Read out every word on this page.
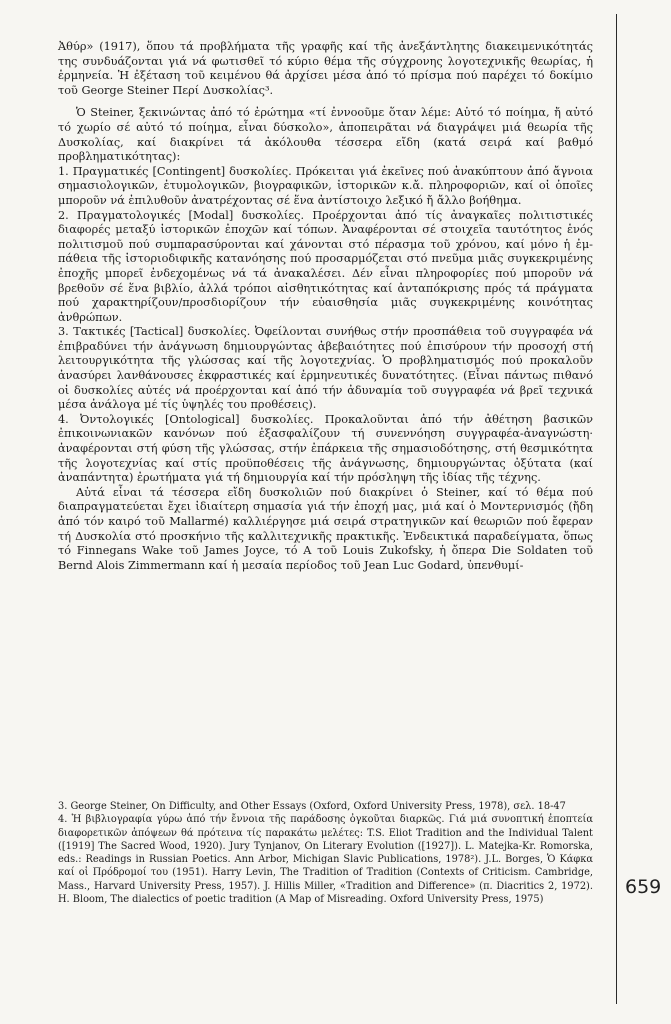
Ἀθύρ» (1917), ὅπου τά προβλήματα τῆς γραφῆς καί τῆς ἀνεξάντλητης διακειμενικότητάς της συνδυάζονται γιά νά φωτισθεῖ τό κύριο θέμα τῆς σύγχρονης λογοτεχνικῆς θεωρίας, ἡ ἑρμηνεία. Ἡ ἐξέταση τοῦ κειμένου θά ἀρχίσει μέσα ἀπό τό πρίσμα πού παρέχει τό δοκίμιο τοῦ George Steiner Περί Δυσκολίας³.

Ὁ Steiner, ξεκινώντας ἀπό τό ἐρώτημα «τί ἐννοοῦμε ὅταν λέμε: Αὐτό τό ποίημα, ἤ αὐτό τό χωρίο σέ αὐτό τό ποίημα, εἶναι δύσκολο», ἀποπειρᾶται νά διαγράψει μιά θεωρία τῆς Δυσκολίας, καί διακρίνει τά ἀκόλουθα τέσσερα εἴδη (κατά σειρά καί βαθμό προβληματικότητας):

1. Πραγματικές [Contingent] δυσκολίες. Πρόκειται γιά ἐκεῖνες πού ἀνακύπτουν ἀπό ἄγνοια σημασιολογικῶν, ἐτυμολογικῶν, βιογραφικῶν, ἱστορικῶν κ.ἄ. πληροφοριῶν, καί οἱ ὁποῖες μποροῦν νά ἐπιλυθοῦν ἀνατρέχοντας σέ ἕνα ἀντίστοιχο λεξικό ἤ ἄλλο βοήθημα.

2. Πραγματολογικές [Modal] δυσκολίες. Προέρχονται ἀπό τίς ἀναγκαῖες πολιτιστικές διαφορές μεταξύ ἱστορικῶν ἐποχῶν καί τόπων. Ἀναφέρονται σέ στοιχεῖα ταυτότητος ἑνός πολιτισμοῦ πού συμπαρασύρονται καί χάνονται στό πέρασμα τοῦ χρόνου, καί μόνο ἡ ἐμ-πάθεια τῆς ἱστοριοδιφικῆς κατανόησης πού προσαρμόζεται στό πνεῦμα μιᾶς συγκεκριμένης ἐποχῆς μπορεῖ ἐνδεχομένως νά τά ἀνακαλέσει. Δέν εἶναι πληροφορίες πού μποροῦν νά βρεθοῦν σέ ἕνα βιβλίο, ἀλλά τρόποι αἰσθητικότητας καί ἀνταπόκρισης πρός τά πράγματα πού χαρακτηρίζουν/προσδιορίζουν τήν εὐαισθησία μιᾶς συγκεκριμένης κοινότητας ἀνθρώπων.

3. Τακτικές [Tactical] δυσκολίες. Ὀφείλονται συνήθως στήν προσπάθεια τοῦ συγγραφέα νά ἐπιβραδύνει τήν ἀνάγνωση δημιουργώντας ἀβεβαιότητες πού ἐπισύρουν τήν προσοχή στή λειτουργικότητα τῆς γλώσσας καί τῆς λογοτεχνίας. Ὁ προβληματισμός πού προκαλοῦν ἀνασύρει λανθάνουσες ἐκφραστικές καί ἑρμηνευτικές δυνατότητες. (Εἶναι πάντως πιθανό οἱ δυσκολίες αὐτές νά προέρχονται καί ἀπό τήν ἀδυναμία τοῦ συγγραφέα νά βρεῖ τεχνικά μέσα ἀνάλογα μέ τίς ὑψηλές του προθέσεις).

4. Ὀντολογικές [Ontological] δυσκολίες. Προκαλοῦνται ἀπό τήν ἀθέτηση βασικῶν ἐπικοινωνιακῶν κανόνων πού ἐξασφαλίζουν τή συνεννόηση συγγραφέα-ἀναγνώστη· ἀναφέρονται στή φύση τῆς γλώσσας, στήν ἐπάρκεια τῆς σημασιοδότησης, στή θεσμικότητα τῆς λογοτεχνίας καί στίς προϋποθέσεις τῆς ἀνάγνωσης, δημιουργώντας ὀξύτατα (καί ἀναπάντητα) ἐρωτήματα γιά τή δημιουργία καί τήν πρόσληψη τῆς ἰδίας τῆς τέχνης.

Αὐτά εἶναι τά τέσσερα εἴδη δυσκολιῶν πού διακρίνει ὁ Steiner, καί τό θέμα πού διαπραγματεύεται ἔχει ἰδιαίτερη σημασία γιά τήν ἐποχή μας, μιά καί ὁ Μοντερνισμός (ἤδη ἀπό τόν καιρό τοῦ Mallarmé) καλλιέργησε μιά σειρά στρατηγικῶν καί θεωριῶν πού ἔφεραν τή Δυσκολία στό προσκήνιο τῆς καλλιτεχνικῆς πρακτικῆς. Ἐνδεικτικά παραδείγματα, ὅπως τό Finnegans Wake τοῦ James Joyce, τό A τοῦ Louis Zukofsky, ἡ ὄπερα Die Soldaten τοῦ Bernd Alois Zimmermann καί ἡ μεσαία περίοδος τοῦ Jean Luc Godard, ὑπενθυμί-

3. George Steiner, On Difficulty, and Other Essays (Oxford, Oxford University Press, 1978), σελ. 18-47

4. Ἡ βιβλιογραφία γύρω ἀπό τήν ἔννοια τῆς παράδοσης ὀγκοῦται διαρκῶς. Γιά μιά συνοπτική ἐποπτεία διαφορετικῶν ἀπόψεων θά πρότεινα τίς παρακάτω μελέτες: T.S. Eliot Tradition and the Individual Talent ([1919] The Sacred Wood, 1920). Jury Tynjanov, On Literary Evolution ([1927]). L. Matejka-Kr. Romorska, eds.: Readings in Russian Poetics. Ann Arbor, Michigan Slavic Publications, 1978²). J.L. Borges, Ὁ Κάφκα καί οἱ Πρόδρομοί του (1951). Harry Levin, The Tradition of Tradition (Contexts of Criticism. Cambridge, Mass., Harvard University Press, 1957). J. Hillis Miller, «Tradition and Difference» (π. Diacritics 2, 1972). H. Bloom, The dialectics of poetic tradition (A Map of Misreading. Oxford University Press, 1975)

659
